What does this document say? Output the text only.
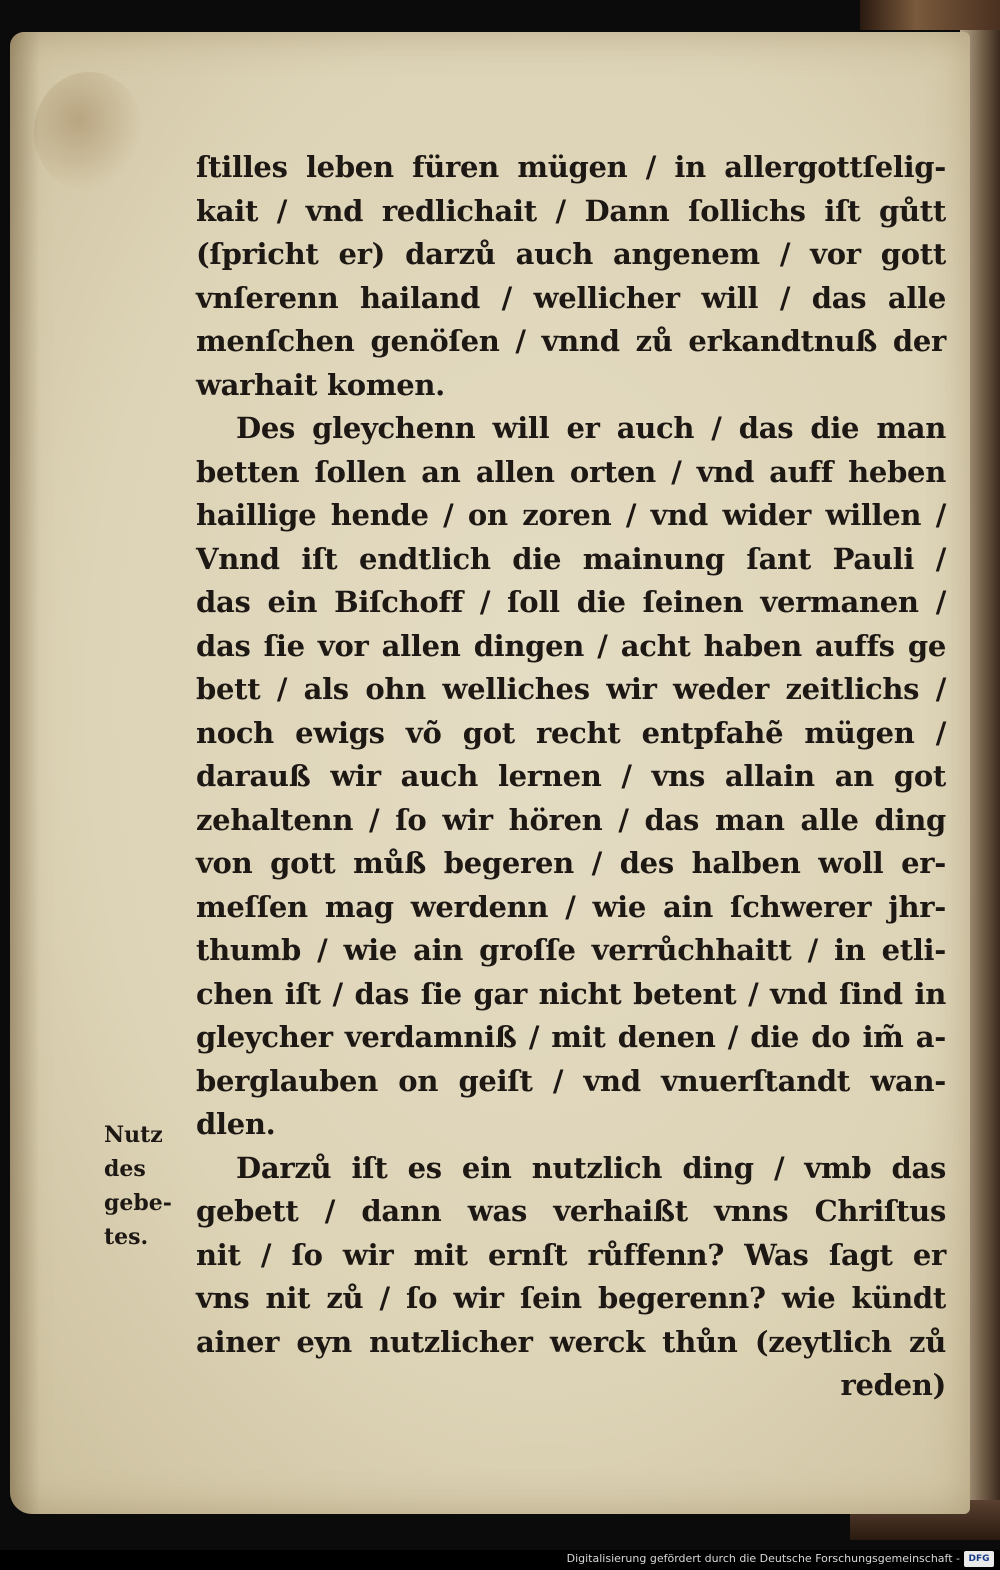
ſtilles leben füren mügen / in allergottſelig-
kait / vnd redlichait / Dann ſollichs iſt gůtt
(ſpricht er) darzů auch angenem / vor gott
vnſerenn hailand / wellicher will / das alle
menſchen genöſen / vnnd zů erkandtnuß der
warhait komen.
Des gleychenn will er auch / das die man
betten ſollen an allen orten / vnd auff heben
haillige hende / on zoren / vnd wider willen /
Vnnd iſt endtlich die mainung ſant Pauli /
das ein Biſchoff / ſoll die ſeinen vermanen /
das ſie vor allen dingen / acht haben auffs ge
bett / als ohn welliches wir weder zeitlichs /
noch ewigs võ got recht entpfahẽ mügen /
darauß wir auch lernen / vns allain an got
zehaltenn / ſo wir hören / das man alle ding
von gott můß begeren / des halben woll er-
meſſen mag werdenn / wie ain ſchwerer jhr-
thumb / wie ain groſſe verrůchhaitt / in etli-
chen iſt / das ſie gar nicht betent / vnd ſind in
gleycher verdamniß / mit denen / die do im̃ a-
berglauben on geiſt / vnd vnuerſtandt wan-
dlen.
Darzů iſt es ein nutzlich ding / vmb das
gebett / dann was verhaißt vnns Chriſtus
nit / ſo wir mit ernſt růffenn? Was ſagt er
vns nit zů / ſo wir ſein begerenn? wie kündt
ainer eyn nutzlicher werck thůn (zeytlich zů
reden)
Nutz
des
gebe-
tes.
Digitalisierung gefördert durch die Deutsche Forschungsgemeinschaft - DFG
